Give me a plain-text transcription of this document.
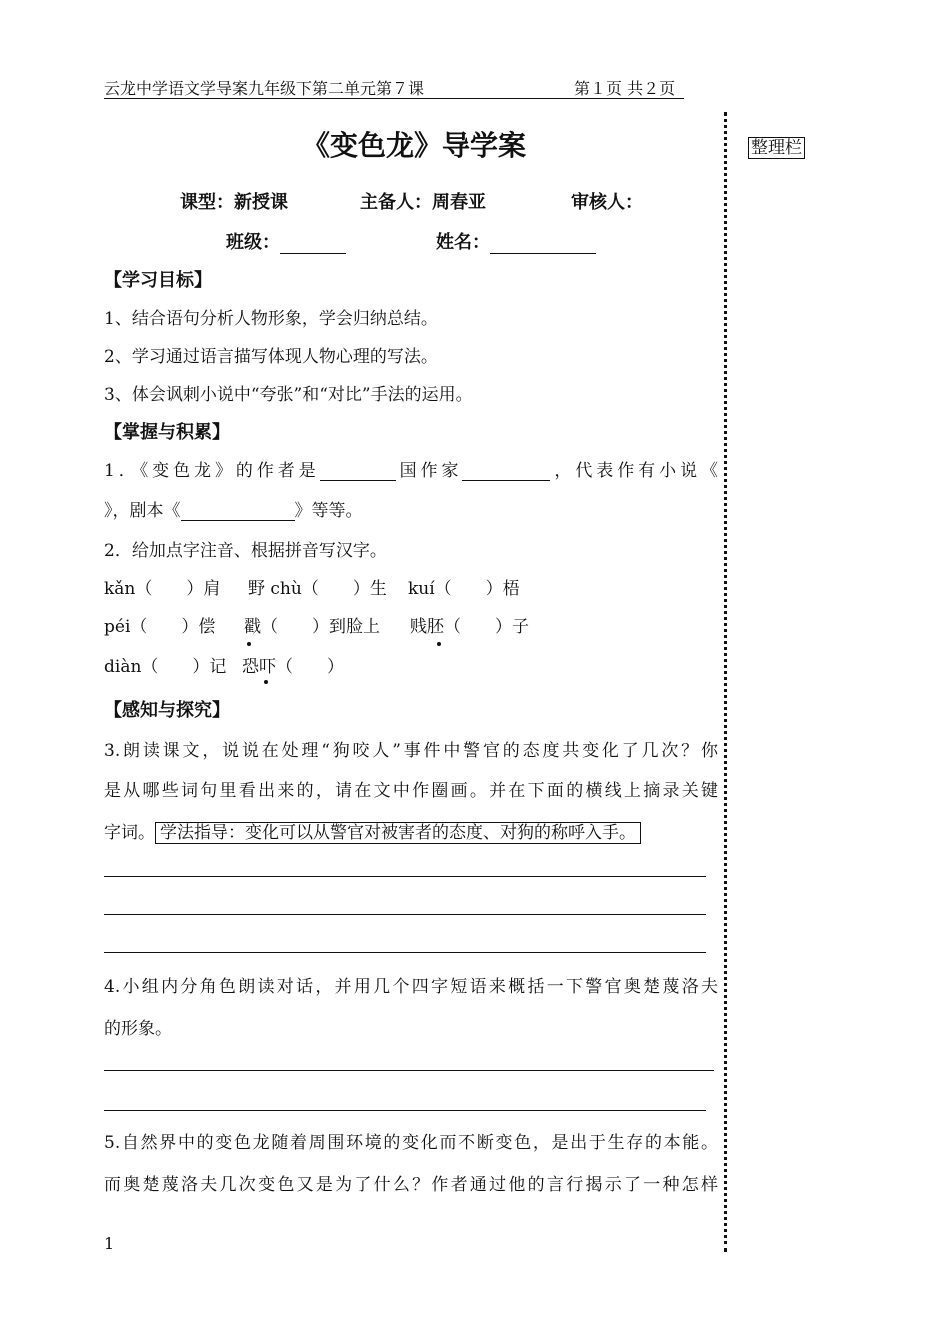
云龙中学语文学导案九年级下第二单元第７课	第１页 共２页
整理栏
《变色龙》导学案
课型：新授课	主备人：周春亚	审核人：
班级：	姓名：
【学习目标】
1、结合语句分析人物形象，学会归纳总结。
2、学习通过语言描写体现人物心理的写法。
3、体会讽刺小说中“夸张”和“对比”手法的运用。
【掌握与积累】
1．《变色龙》的作者是	国作家	，代表作有小说《
》，剧本《	》等等。
2．给加点字注音、根据拼音写汉字。
kǎn（　　）肩 野 chù（　　）生 kuí（　　）梧
péi（　　）偿 戳（　　）到脸上 贱胚（　　）子
diàn（　　）记 恐吓（　　）
【感知与探究】
3.朗读课文，说说在处理“狗咬人”事件中警官的态度共变化了几次？你
是从哪些词句里看出来的，请在文中作圈画。并在下面的横线上摘录关键
字词。 学法指导：变化可以从警官对被害者的态度、对狗的称呼入手。
4.小组内分角色朗读对话，并用几个四字短语来概括一下警官奥楚蔑洛夫
的形象。
5.自然界中的变色龙随着周围环境的变化而不断变色，是出于生存的本能。
而奥楚蔑洛夫几次变色又是为了什么？作者通过他的言行揭示了一种怎样
1
